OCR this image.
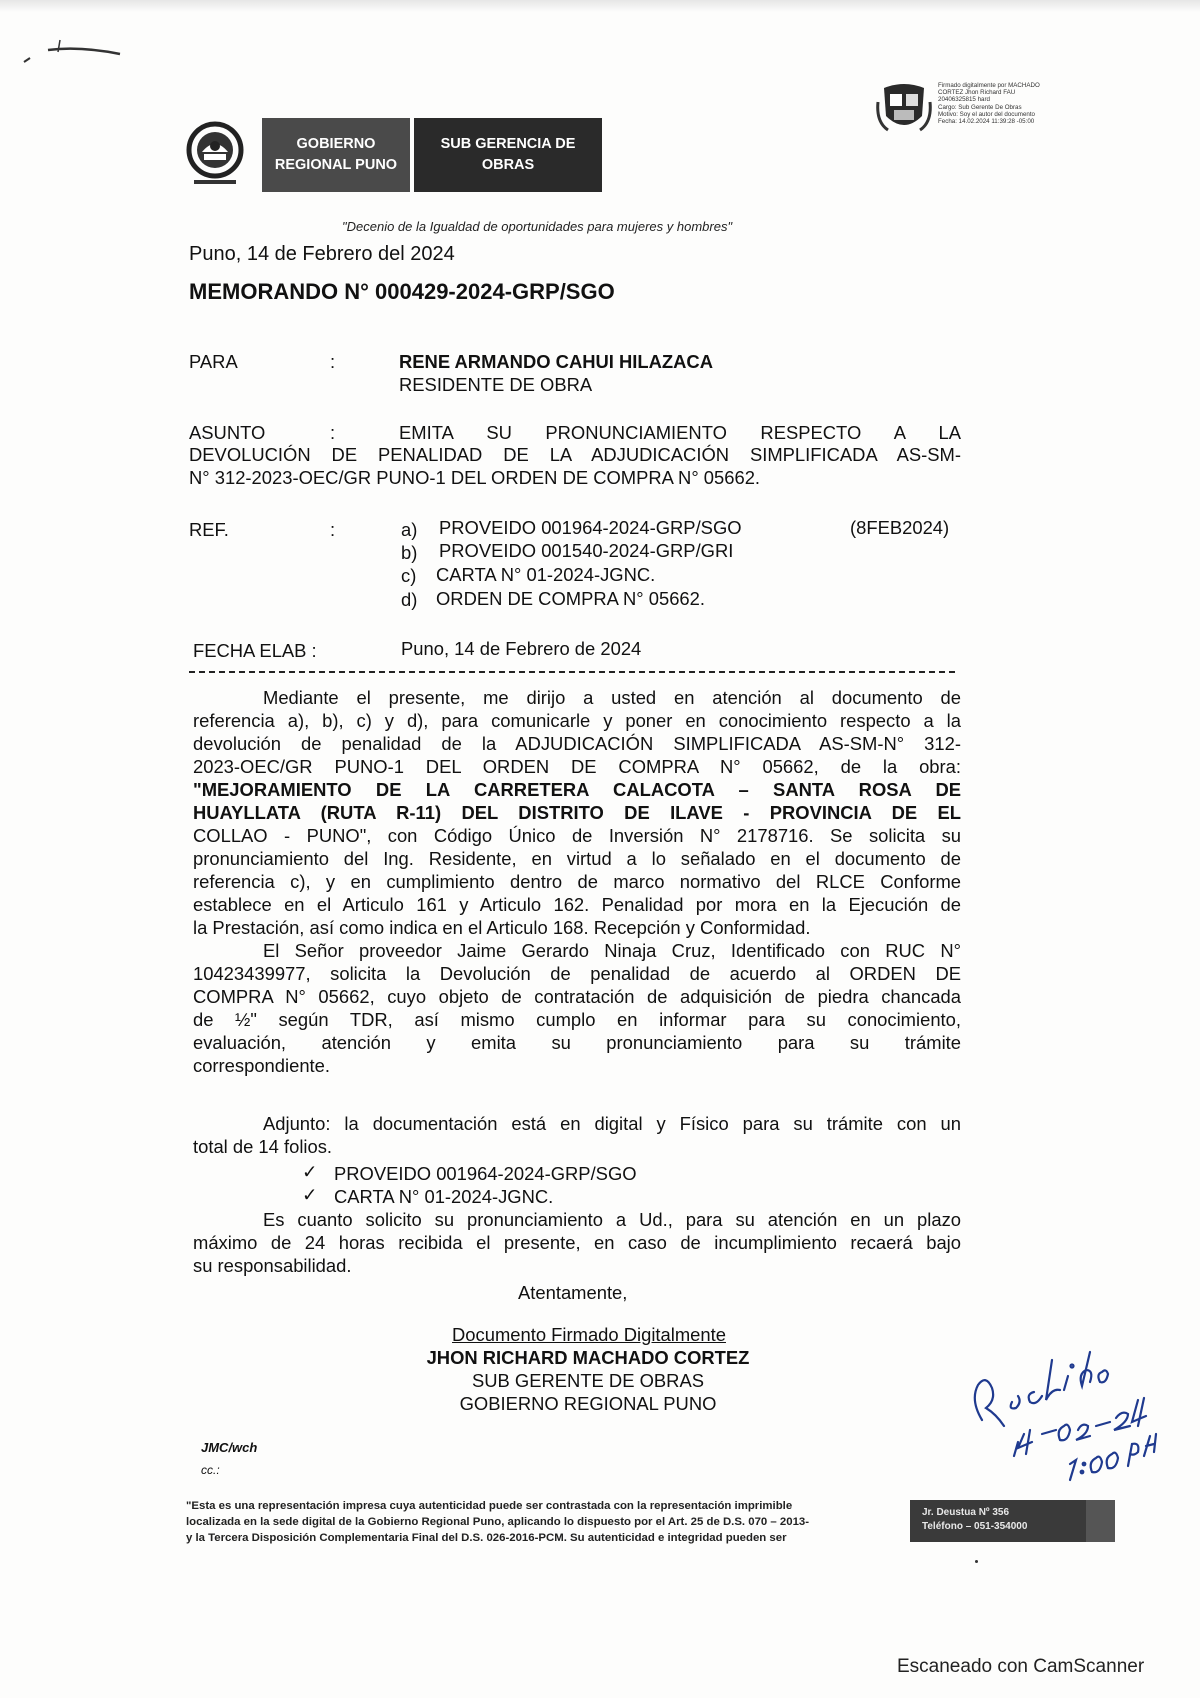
GOBIERNO
REGIONAL PUNO
SUB GERENCIA DE
OBRAS
Firmado digitalmente por MACHADO
CORTEZ Jhon Richard FAU
20406325815 hard
Cargo: Sub Gerente De Obras
Motivo: Soy el autor del documento
Fecha: 14.02.2024 11:39:28 -05:00
"Decenio de la Igualdad de oportunidades para mujeres y hombres"
Puno, 14 de Febrero del 2024
MEMORANDO N° 000429-2024-GRP/SGO
PARA	:	RENE ARMANDO CAHUI HILAZACA
RESIDENTE DE OBRA
ASUNTO	:	EMITA SU PRONUNCIAMIENTO RESPECTO A LA
DEVOLUCIÓN DE PENALIDAD DE LA ADJUDICACIÓN SIMPLIFICADA AS-SM-
N° 312-2023-OEC/GR PUNO-1 DEL ORDEN DE COMPRA N° 05662.
REF.	:	a) PROVEIDO 001964-2024-GRP/SGO	(8FEB2024)
b) PROVEIDO 001540-2024-GRP/GRI
c) CARTA N° 01-2024-JGNC.
d) ORDEN DE COMPRA N° 05662.
FECHA ELAB :	Puno, 14 de Febrero de 2024
Mediante el presente, me dirijo a usted en atención al documento de
referencia a), b), c) y d), para comunicarle y poner en conocimiento respecto a la
devolución de penalidad de la ADJUDICACIÓN SIMPLIFICADA AS-SM-N° 312-
2023-OEC/GR PUNO-1 DEL ORDEN DE COMPRA N° 05662, de la obra:
"MEJORAMIENTO DE LA CARRETERA CALACOTA – SANTA ROSA DE
HUAYLLATA (RUTA R-11) DEL DISTRITO DE ILAVE - PROVINCIA DE EL
COLLAO - PUNO", con Código Único de Inversión N° 2178716. Se solicita su
pronunciamiento del Ing. Residente, en virtud a lo señalado en el documento de
referencia c), y en cumplimiento dentro de marco normativo del RLCE Conforme
establece en el Articulo 161 y Articulo 162. Penalidad por mora en la Ejecución de
la Prestación, así como indica en el Articulo 168. Recepción y Conformidad.
El Señor proveedor Jaime Gerardo Ninaja Cruz, Identificado con RUC N°
10423439977, solicita la Devolución de penalidad de acuerdo al ORDEN DE
COMPRA N° 05662, cuyo objeto de contratación de adquisición de piedra chancada
de ½" según TDR, así mismo cumplo en informar para su conocimiento,
evaluación, atención y emita su pronunciamiento para su trámite
correspondiente.
Adjunto: la documentación está en digital y Físico para su trámite con un
total de 14 folios.
✓ PROVEIDO 001964-2024-GRP/SGO
✓ CARTA N° 01-2024-JGNC.
Es cuanto solicito su pronunciamiento a Ud., para su atención en un plazo
máximo de 24 horas recibida el presente, en caso de incumplimiento recaerá bajo
su responsabilidad.
Atentamente,
Documento Firmado Digitalmente
JHON RICHARD MACHADO CORTEZ
SUB GERENTE DE OBRAS
GOBIERNO REGIONAL PUNO
JMC/wch
cc.:
"Esta es una representación impresa cuya autenticidad puede ser contrastada con la representación imprimible
localizada en la sede digital de la Gobierno Regional Puno, aplicando lo dispuesto por el Art. 25 de D.S. 070 – 2013-
y la Tercera Disposición Complementaria Final del D.S. 026-2016-PCM. Su autenticidad e integridad pueden ser
Jr. Deustua Nº 356
Teléfono – 051-354000
Escaneado con CamScanner
